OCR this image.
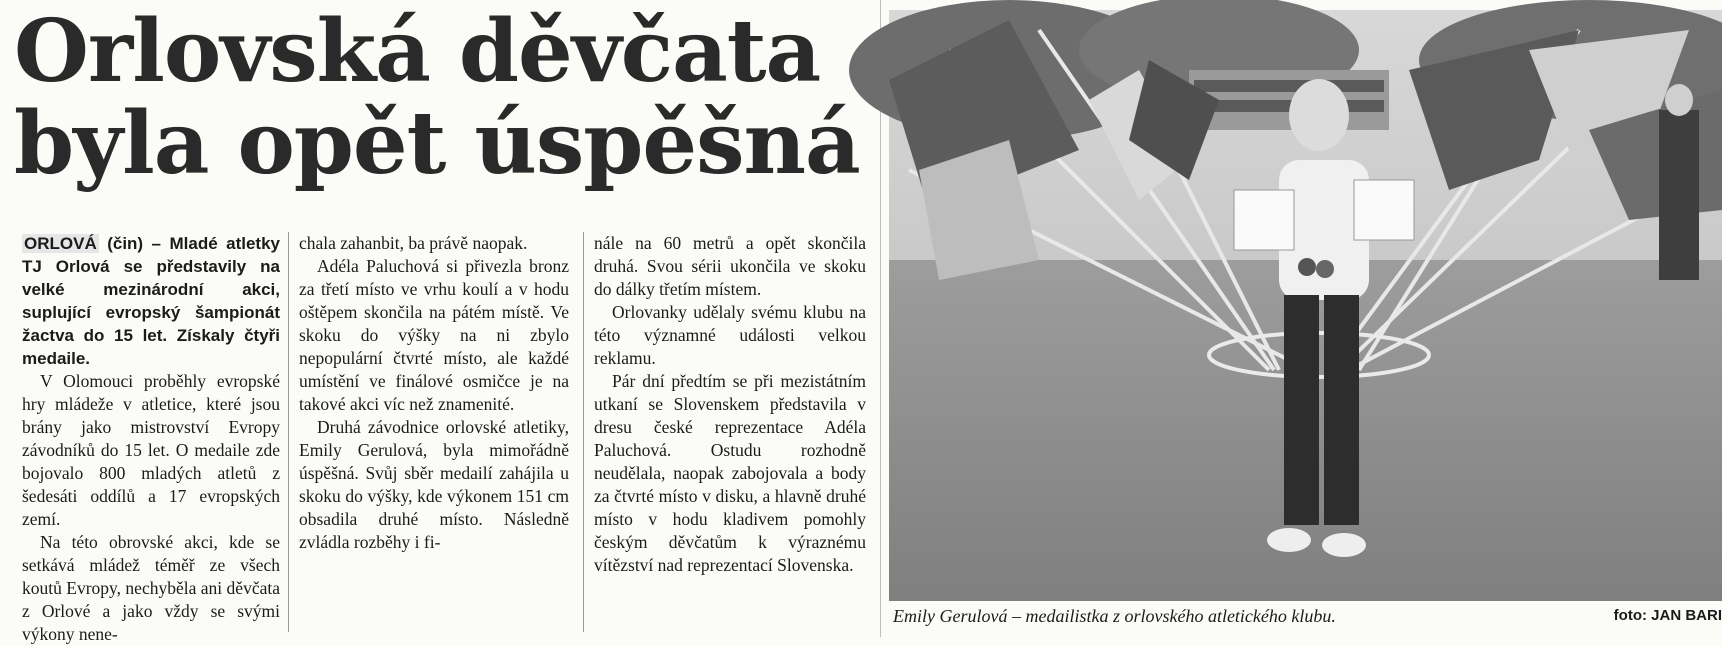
Orlovská děvčata
byla opět úspěšná

ORLOVÁ (čin) – Mladé atletky TJ Orlová se představily na velké mezinárodní akci, suplující evropský šampionát žactva do 15 let. Získaly čtyři medaile.

V Olomouci proběhly evropské hry mládeže v atletice, které jsou brány jako mistrovství Evropy závodníků do 15 let. O medaile zde bojovalo 800 mladých atletů z šedesáti oddílů a 17 evropských zemí.

Na této obrovské akci, kde se setkává mládež téměř ze všech koutů Evropy, nechyběla ani děvčata z Orlové a jako vždy se svými výkony nene-

chala zahanbit, ba právě naopak.

Adéla Paluchová si přivezla bronz za třetí místo ve vrhu koulí a v hodu oštěpem skončila na pátém místě. Ve skoku do výšky na ni zbylo nepopulární čtvrté místo, ale každé umístění ve finálové osmičce je na takové akci víc než znamenité.

Druhá závodnice orlovské atletiky, Emily Gerulová, byla mimořádně úspěšná. Svůj sběr medailí zahájila u skoku do výšky, kde výkonem 151 cm obsadila druhé místo. Následně zvládla rozběhy i fi-

nále na 60 metrů a opět skončila druhá. Svou sérii ukončila ve skoku do dálky třetím místem.

Orlovanky udělaly svému klubu na této významné události velkou reklamu.

Pár dní předtím se při mezistátním utkaní se Slovenskem představila v dresu české reprezentace Adéla Paluchová. Ostudu rozhodně neudělala, naopak zabojovala a body za čtvrté místo v disku, a hlavně druhé místo v hodu kladivem pomohly českým děvčatům k výraznému vítězství nad reprezentací Slovenska.

Emily Gerulová – medailistka z orlovského atletického klubu.	foto: JAN BARI
